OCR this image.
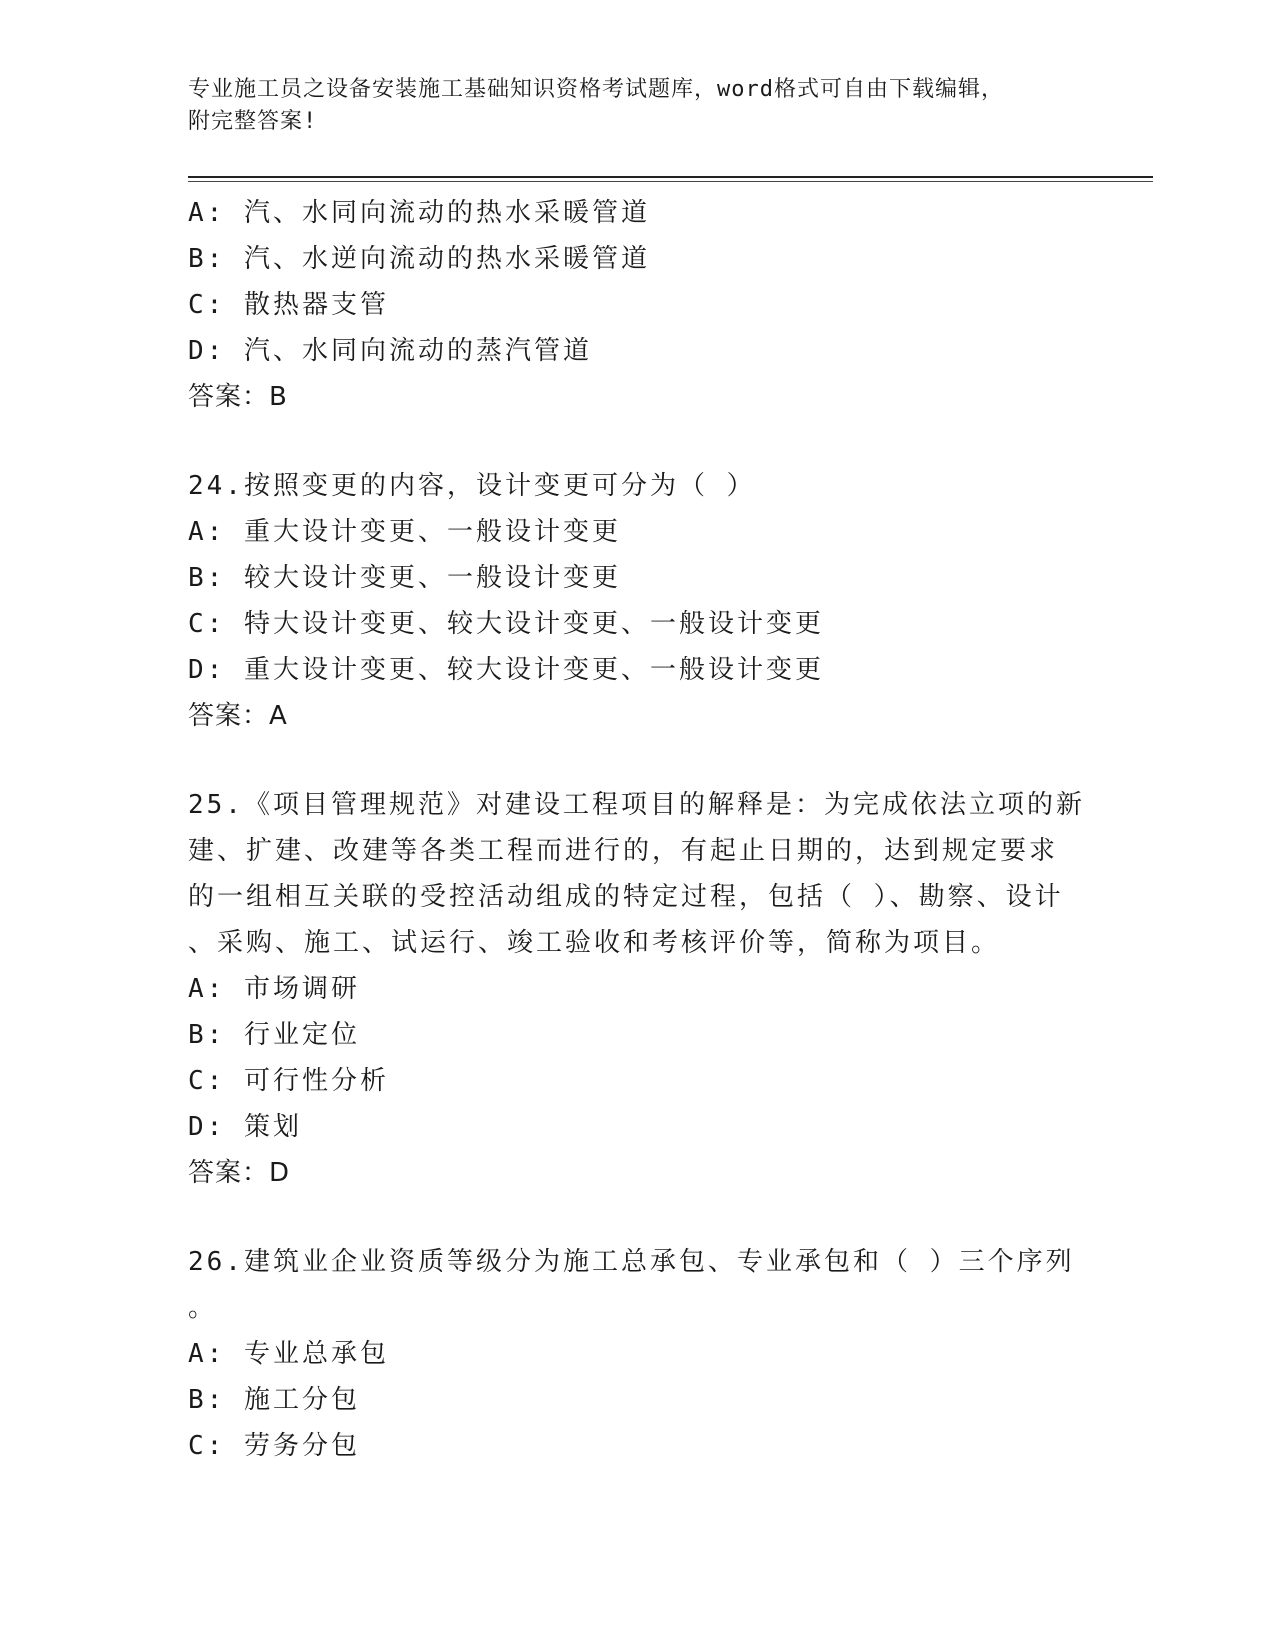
专业施工员之设备安装施工基础知识资格考试题库，word格式可自由下载编辑，

附完整答案!

A: 汽、水同向流动的热水采暖管道

B: 汽、水逆向流动的热水采暖管道

C: 散热器支管

D: 汽、水同向流动的蒸汽管道

答案：B

24.按照变更的内容，设计变更可分为（ ）

A: 重大设计变更、一般设计变更

B: 较大设计变更、一般设计变更

C: 特大设计变更、较大设计变更、一般设计变更

D: 重大设计变更、较大设计变更、一般设计变更

答案：A

25.《项目管理规范》对建设工程项目的解释是：为完成依法立项的新

建、扩建、改建等各类工程而进行的，有起止日期的，达到规定要求

的一组相互关联的受控活动组成的特定过程，包括（ ）、勘察、设计

、采购、施工、试运行、竣工验收和考核评价等，简称为项目。

A: 市场调研

B: 行业定位

C: 可行性分析

D: 策划

答案：D

26.建筑业企业资质等级分为施工总承包、专业承包和（ ）三个序列

。

A: 专业总承包

B: 施工分包

C: 劳务分包
